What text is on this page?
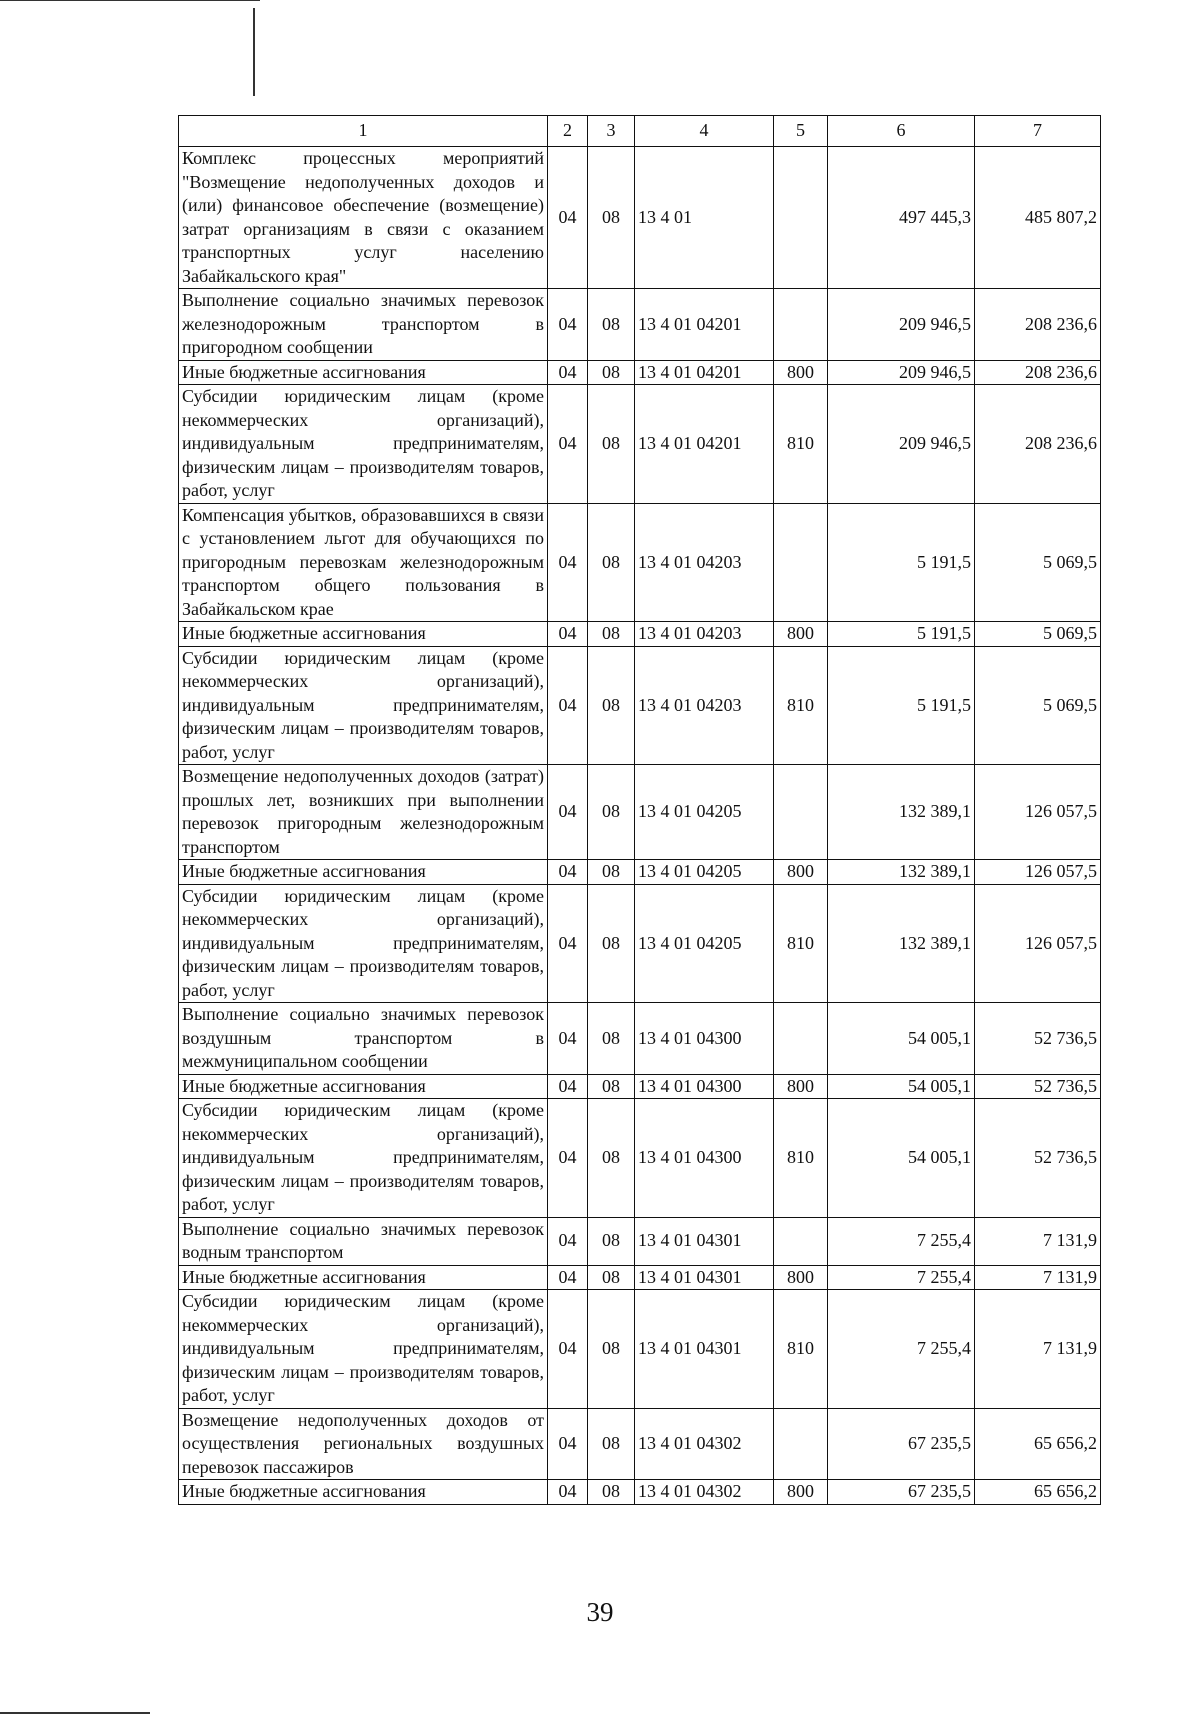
1	2	3	4	5	6	7
Комплекс процессных мероприятий "Возмещение недополученных доходов и (или) финансовое обеспечение (возмещение) затрат организациям в связи с оказанием транспортных услуг населению Забайкальского края"	04	08	13 4 01		497 445,3	485 807,2
Выполнение социально значимых перевозок железнодорожным транспортом в пригородном сообщении	04	08	13 4 01 04201		209 946,5	208 236,6
Иные бюджетные ассигнования	04	08	13 4 01 04201	800	209 946,5	208 236,6
Субсидии юридическим лицам (кроме некоммерческих организаций), индивидуальным предпринимателям, физическим лицам – производителям товаров, работ, услуг	04	08	13 4 01 04201	810	209 946,5	208 236,6
Компенсация убытков, образовавшихся в связи с установлением льгот для обучающихся по пригородным перевозкам железнодорожным транспортом общего пользования в Забайкальском крае	04	08	13 4 01 04203		5 191,5	5 069,5
Иные бюджетные ассигнования	04	08	13 4 01 04203	800	5 191,5	5 069,5
Субсидии юридическим лицам (кроме некоммерческих организаций), индивидуальным предпринимателям, физическим лицам – производителям товаров, работ, услуг	04	08	13 4 01 04203	810	5 191,5	5 069,5
Возмещение недополученных доходов (затрат) прошлых лет, возникших при выполнении перевозок пригородным железнодорожным транспортом	04	08	13 4 01 04205		132 389,1	126 057,5
Иные бюджетные ассигнования	04	08	13 4 01 04205	800	132 389,1	126 057,5
Субсидии юридическим лицам (кроме некоммерческих организаций), индивидуальным предпринимателям, физическим лицам – производителям товаров, работ, услуг	04	08	13 4 01 04205	810	132 389,1	126 057,5
Выполнение социально значимых перевозок воздушным транспортом в межмуниципальном сообщении	04	08	13 4 01 04300		54 005,1	52 736,5
Иные бюджетные ассигнования	04	08	13 4 01 04300	800	54 005,1	52 736,5
Субсидии юридическим лицам (кроме некоммерческих организаций), индивидуальным предпринимателям, физическим лицам – производителям товаров, работ, услуг	04	08	13 4 01 04300	810	54 005,1	52 736,5
Выполнение социально значимых перевозок водным транспортом	04	08	13 4 01 04301		7 255,4	7 131,9
Иные бюджетные ассигнования	04	08	13 4 01 04301	800	7 255,4	7 131,9
Субсидии юридическим лицам (кроме некоммерческих организаций), индивидуальным предпринимателям, физическим лицам – производителям товаров, работ, услуг	04	08	13 4 01 04301	810	7 255,4	7 131,9
Возмещение недополученных доходов от осуществления региональных воздушных перевозок пассажиров	04	08	13 4 01 04302		67 235,5	65 656,2
Иные бюджетные ассигнования	04	08	13 4 01 04302	800	67 235,5	65 656,2
39
